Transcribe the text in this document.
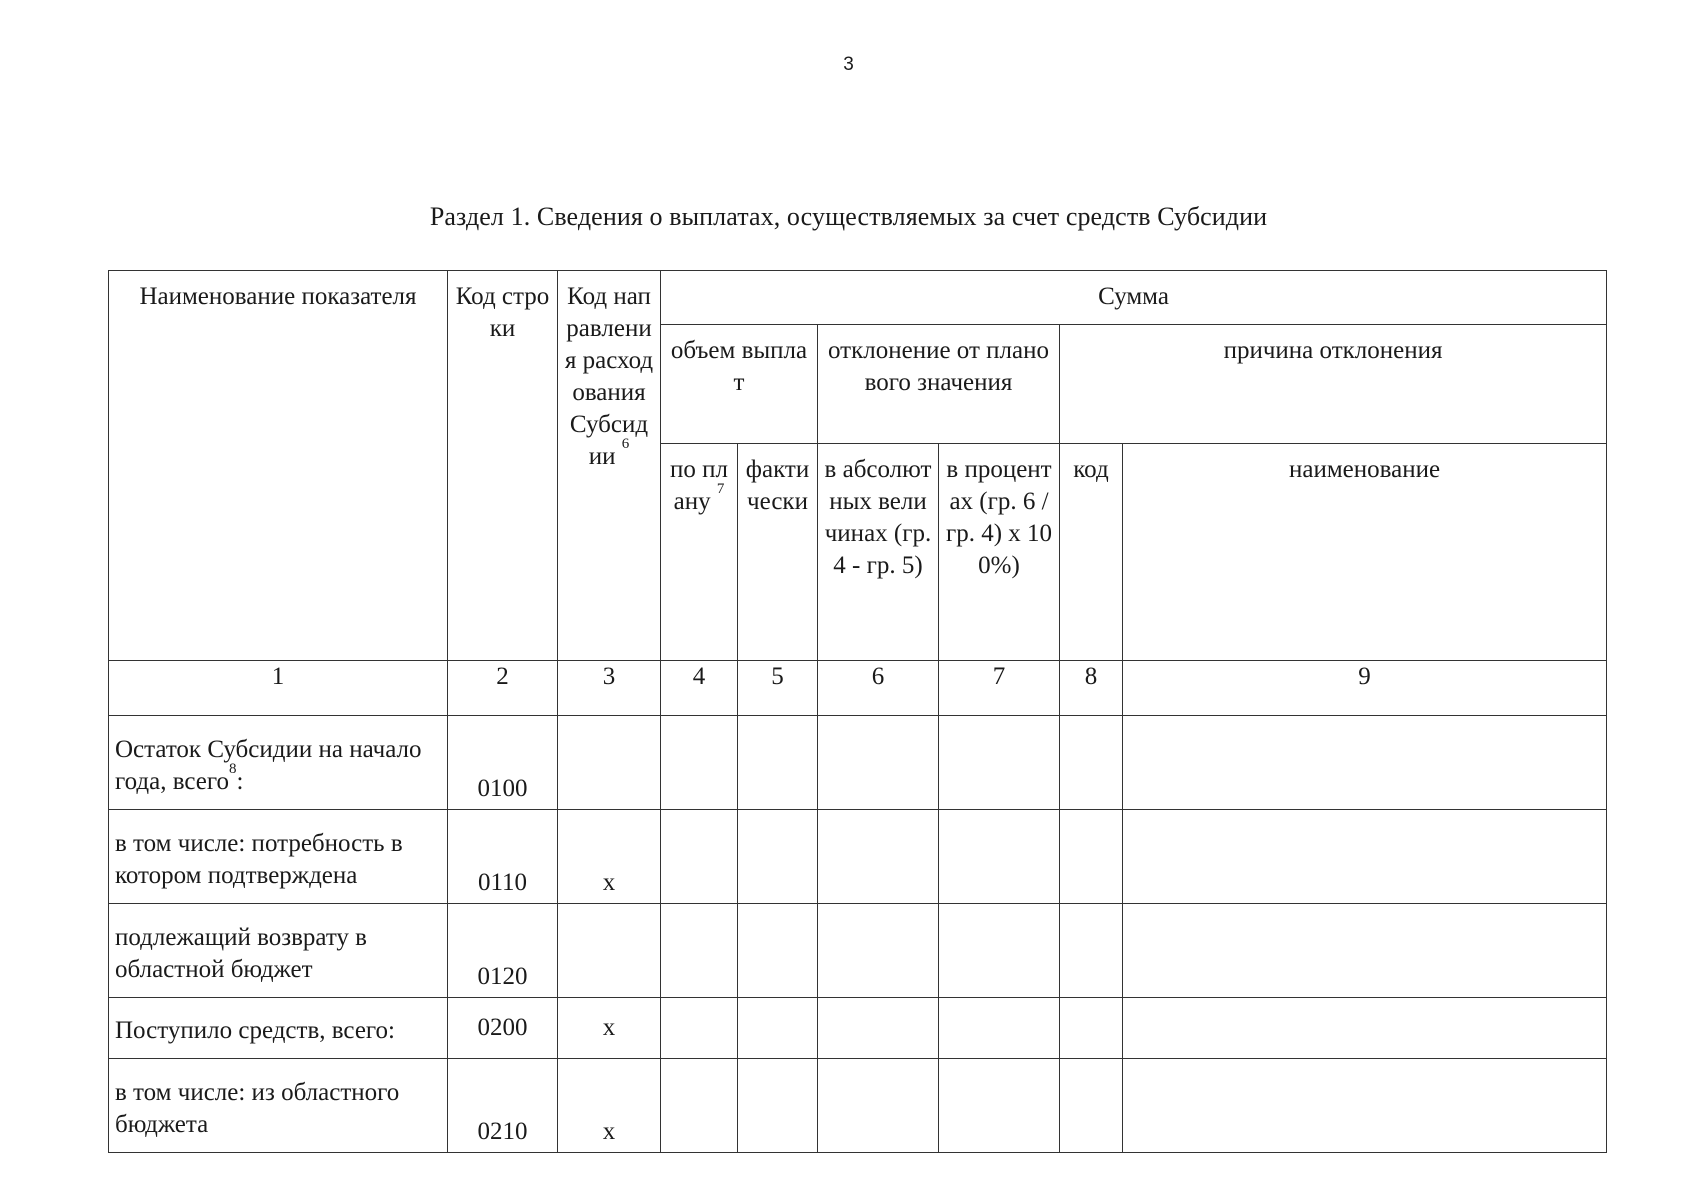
3
Раздел 1. Сведения о выплатах, осуществляемых за счет средств Субсидии
Наименование показателя	Код строки	Код направления расходования Субсидии $^6$	Сумма					
			объем выплат		отклонение от планового значения		причина отклонения	
			по плану $^7$	фактически	в абсолютных величинах (гр. 4 - гр. 5)	в процентах (гр. 6 / гр. 4) x 100%)	код	наименование
1	2	3	4	5	6	7	8	9
Остаток Субсидии на начало года, всего$^8$:	0100							
в том числе: потребность в котором подтверждена	0110	x						
подлежащий возврату в областной бюджет	0120							
Поступило средств, всего:	0200	x						
в том числе: из областного бюджета	0210	x						
